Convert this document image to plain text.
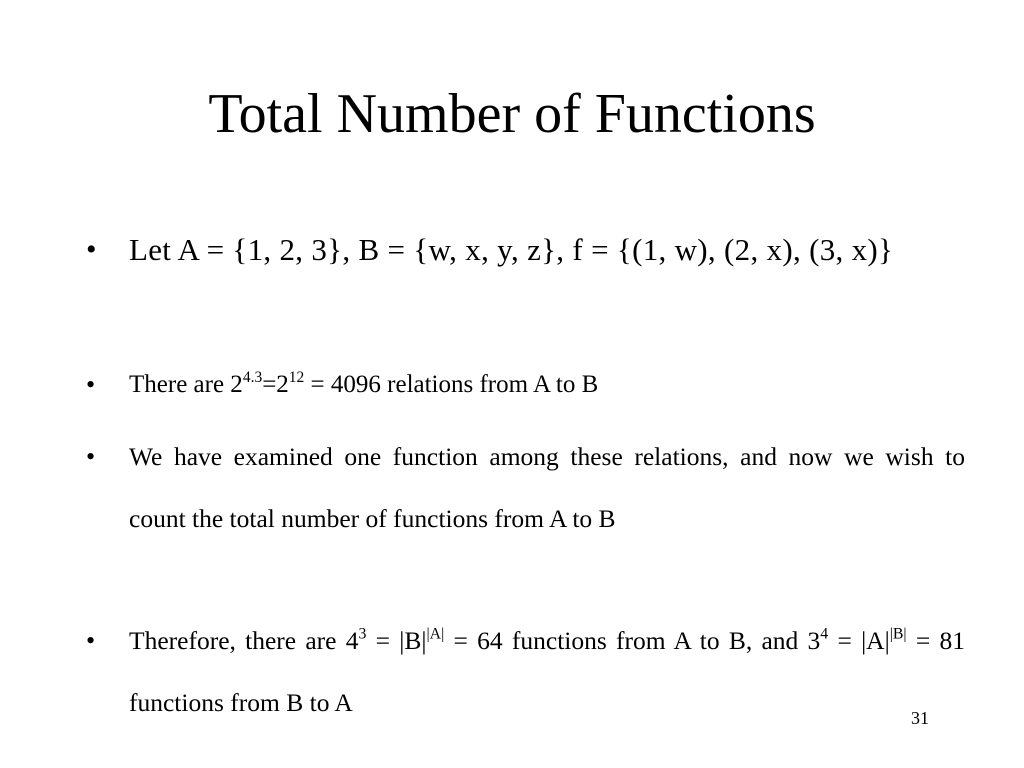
Total Number of Functions
• Let A = {1, 2, 3}, B = {w, x, y, z}, f = {(1, w), (2, x), (3, x)}
• There are $2^{4.3}=2^{12} = 4096$ relations from A to B
• We have examined one function among these relations, and now we wish to count the total number of functions from A to B
• Therefore, there are $4^3 = |B|^{|A|} = 64$ functions from A to B, and $3^4 = |A|^{|B|} = 81$ functions from B to A
31
